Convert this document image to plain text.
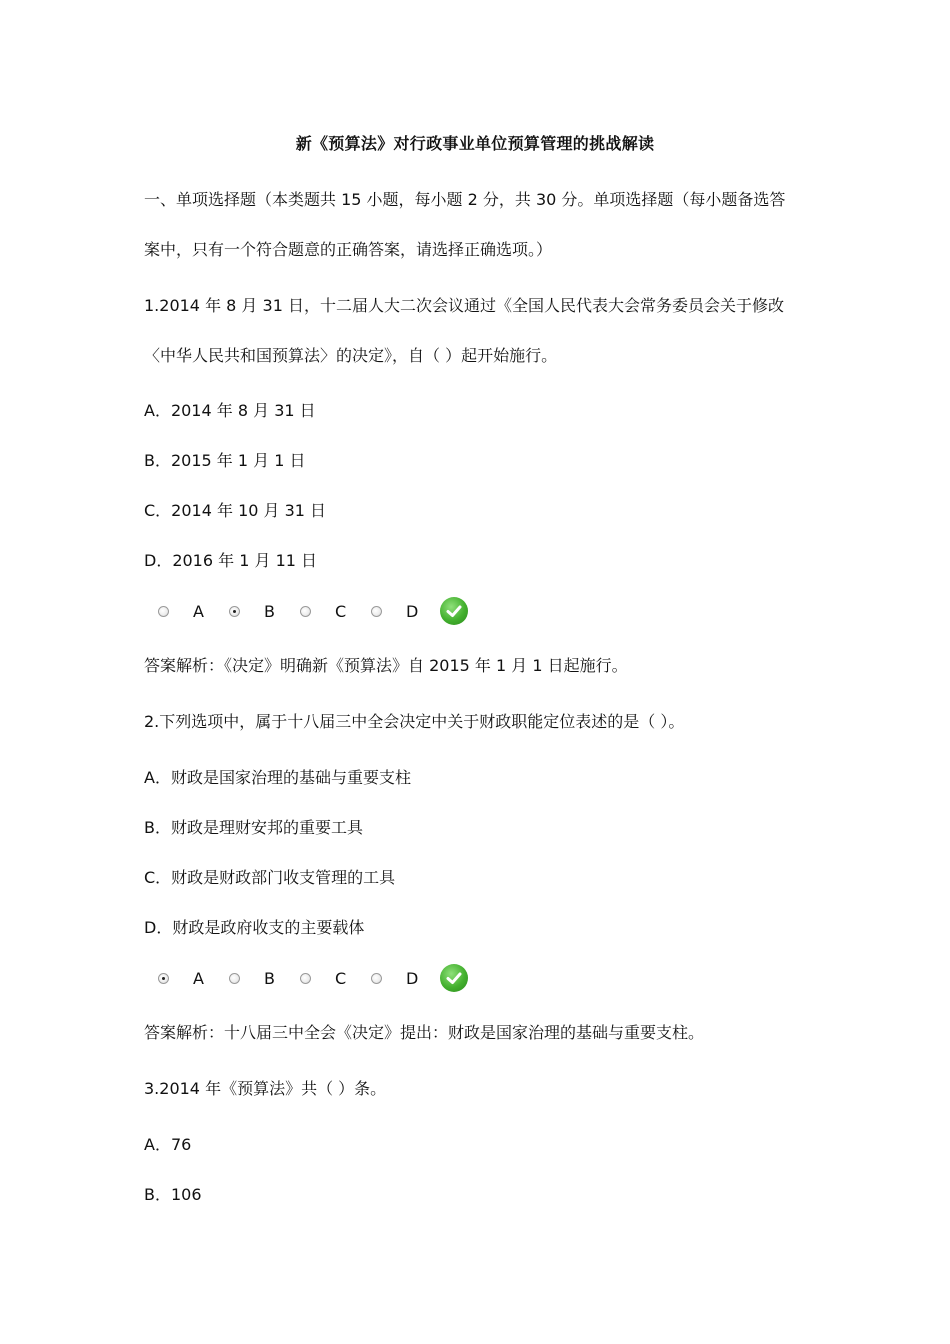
新《预算法》对行政事业单位预算管理的挑战解读
一、单项选择题（本类题共 15 小题，每小题 2 分，共 30 分。单项选择题（每小题备选答
案中，只有一个符合题意的正确答案，请选择正确选项。）
1.2014 年 8 月 31 日，十二届人大二次会议通过《全国人民代表大会常务委员会关于修改
〈中华人民共和国预算法〉的决定》，自（ ）起开始施行。
A．2014 年 8 月 31 日
B．2015 年 1 月 1 日
C．2014 年 10 月 31 日
D．2016 年 1 月 11 日
A	B	C	D
答案解析：《决定》明确新《预算法》自 2015 年 1 月 1 日起施行。
2.下列选项中，属于十八届三中全会决定中关于财政职能定位表述的是（ ）。
A．财政是国家治理的基础与重要支柱
B．财政是理财安邦的重要工具
C．财政是财政部门收支管理的工具
D．财政是政府收支的主要载体
A	B	C	D
答案解析：十八届三中全会《决定》提出：财政是国家治理的基础与重要支柱。
3.2014 年《预算法》共（ ）条。
A．76
B．106
